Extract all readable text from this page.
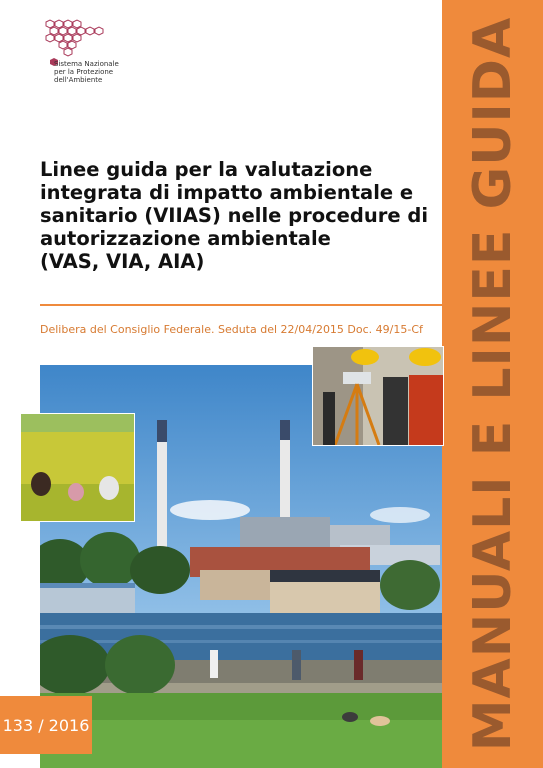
MANUALI E LINEE GUIDA
Sistema Nazionale
per la Protezione
dell'Ambiente
Linee guida per la valutazione
integrata di impatto ambientale e
sanitario (VIIAS) nelle procedure di
autorizzazione ambientale
(VAS, VIA, AIA)
Delibera del Consiglio Federale. Seduta del 22/04/2015 Doc. 49/15-Cf
133 / 2016
